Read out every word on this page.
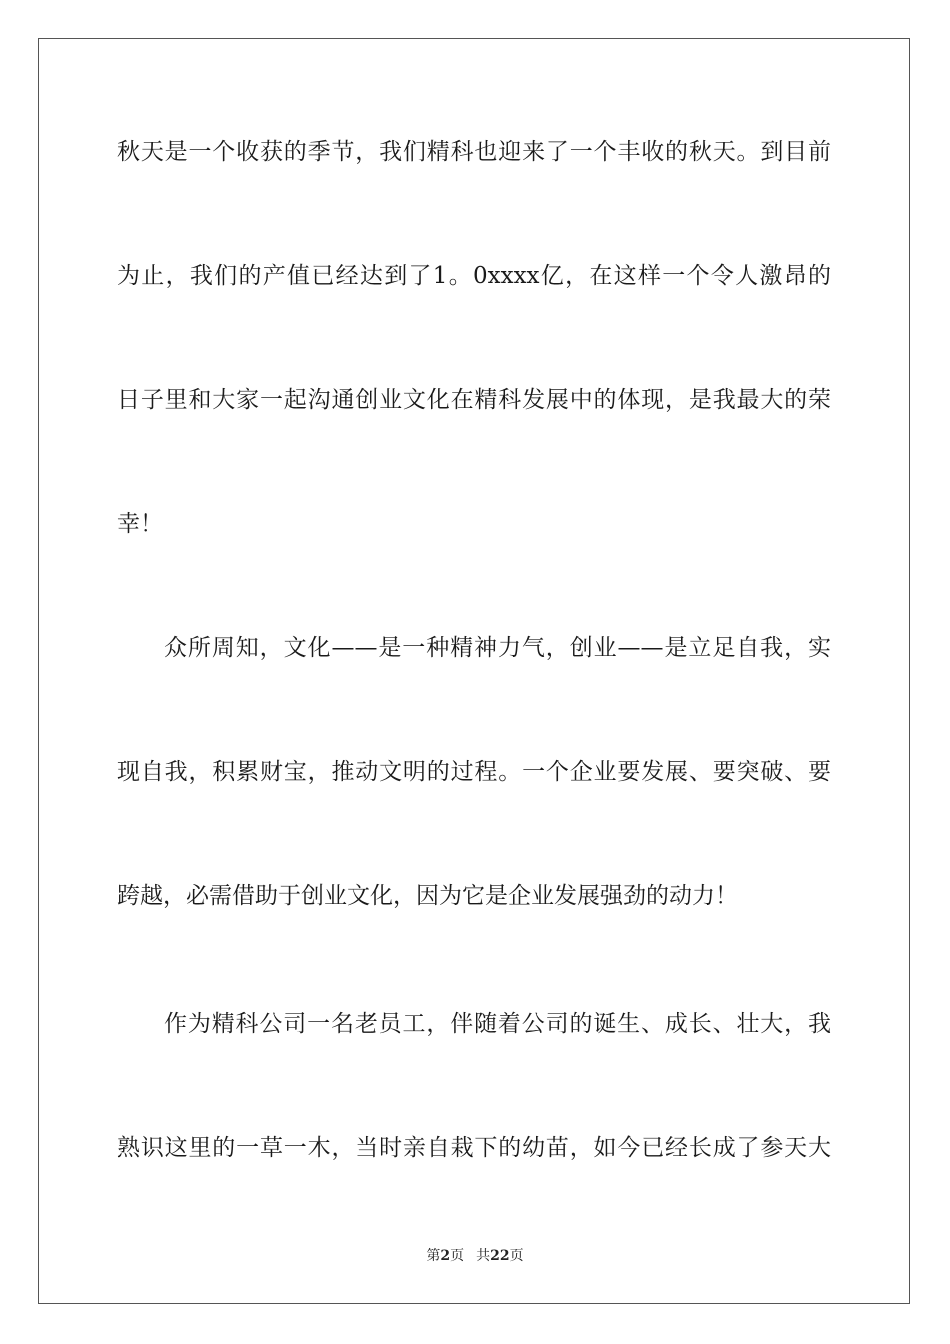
秋天是一个收获的季节，我们精科也迎来了一个丰收的秋天。到目前
为止，我们的产值已经达到了1。0xxxx亿，在这样一个令人激昂的
日子里和大家一起沟通创业文化在精科发展中的体现，是我最大的荣
幸！
众所周知，文化——是一种精神力气，创业——是立足自我，实
现自我，积累财宝，推动文明的过程。一个企业要发展、要突破、要
跨越，必需借助于创业文化，因为它是企业发展强劲的动力！
作为精科公司一名老员工，伴随着公司的诞生、成长、壮大，我
熟识这里的一草一木，当时亲自栽下的幼苗，如今已经长成了参天大
第2页 共22页
